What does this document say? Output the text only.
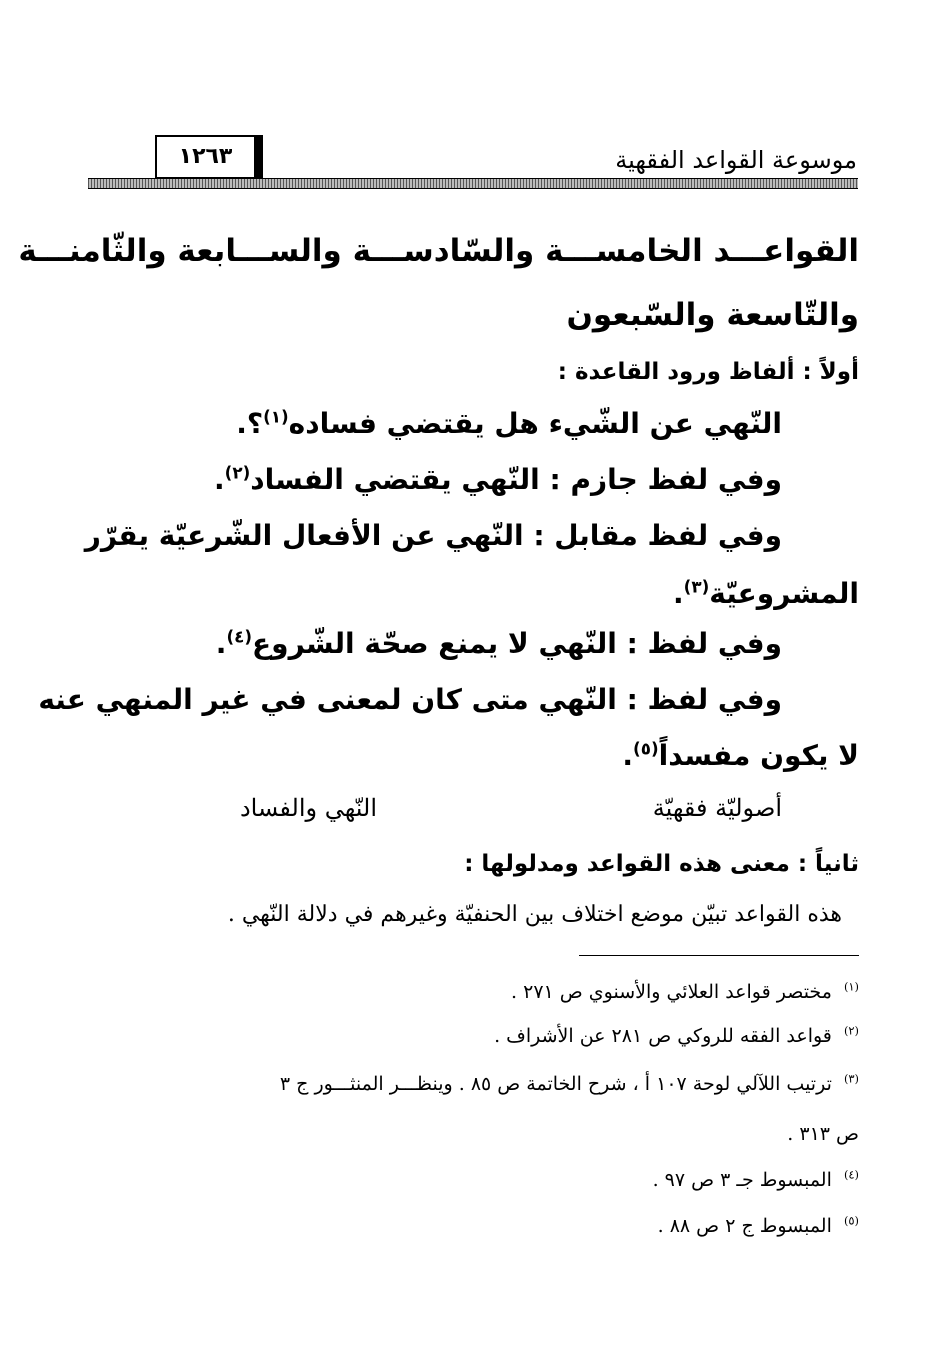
موسوعة القواعد الفقهية
١٢٦٣
القواعـــد الخامســـة والسّادســـة والســـابعة والثّامنـــة
والتّاسعة والسّبعون
أولاً : ألفاظ ورود القاعدة :
النّهي عن الشّيء هل يقتضي فساده$^{(١)}$؟.
وفي لفظ جازم : النّهي يقتضي الفساد$^{(٢)}$.
وفي لفظ مقابل : النّهي عن الأفعال الشّرعيّة يقرّر
المشروعيّة$^{(٣)}$.
وفي لفظ : النّهي لا يمنع صحّة الشّروع$^{(٤)}$.
وفي لفظ : النّهي متى كان لمعنى في غير المنهي عنه
لا يكون مفسداً$^{(٥)}$.
أصوليّة فقهيّة
النّهي والفساد
ثانياً : معنى هذه القواعد ومدلولها :
هذه القواعد تبيّن موضع اختلاف بين الحنفيّة وغيرهم في دلالة النّهي .
$^{(١)}$  مختصر قواعد العلائي والأسنوي ص ٢٧١ .
$^{(٢)}$  قواعد الفقه للروكي ص ٢٨١ عن الأشراف .
$^{(٣)}$  ترتيب اللآلي لوحة ١٠٧ أ ، شرح الخاتمة ص ٨٥ . وينظـــر المنثـــور ج ٣
ص ٣١٣ .
$^{(٤)}$  المبسوط جـ ٣ ص ٩٧ .
$^{(٥)}$  المبسوط ج ٢ ص ٨٨ .
